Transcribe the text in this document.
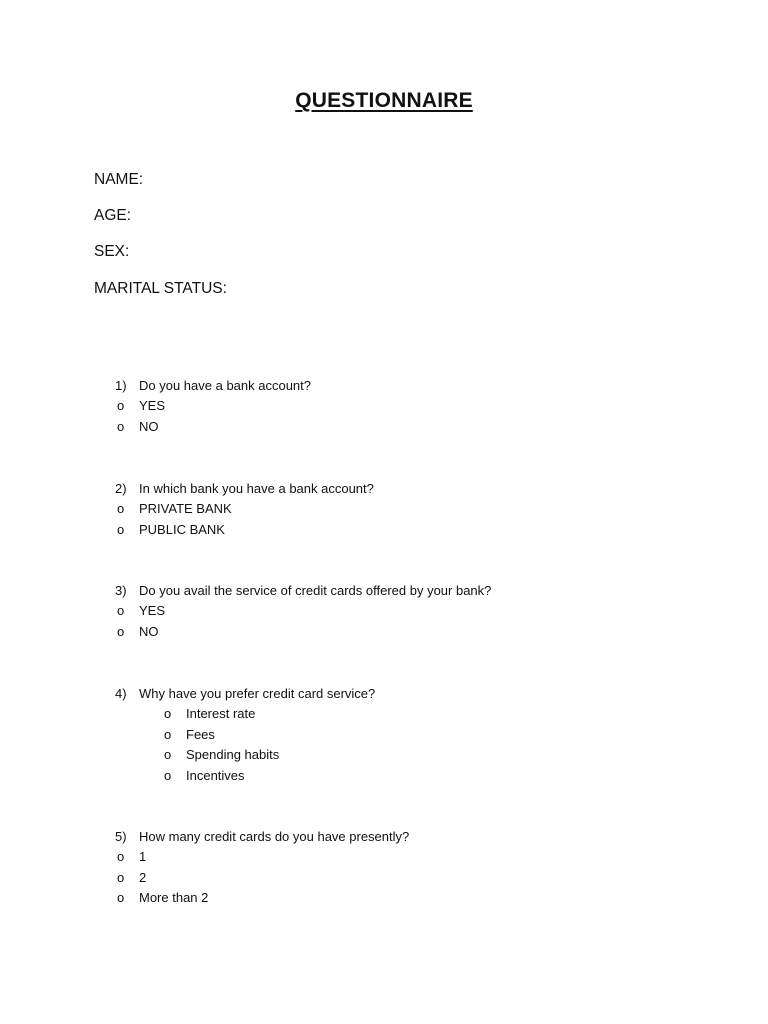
QUESTIONNAIRE
NAME:
AGE:
SEX:
MARITAL STATUS:
1) Do you have a bank account?
o YES
o NO
2) In which bank you have a bank account?
o PRIVATE BANK
o PUBLIC BANK
3) Do you avail the service of credit cards offered by your bank?
o YES
o NO
4) Why have you prefer credit card service?
o Interest rate
o Fees
o Spending habits
o Incentives
5) How many credit cards do you have presently?
o 1
o 2
o More than 2
